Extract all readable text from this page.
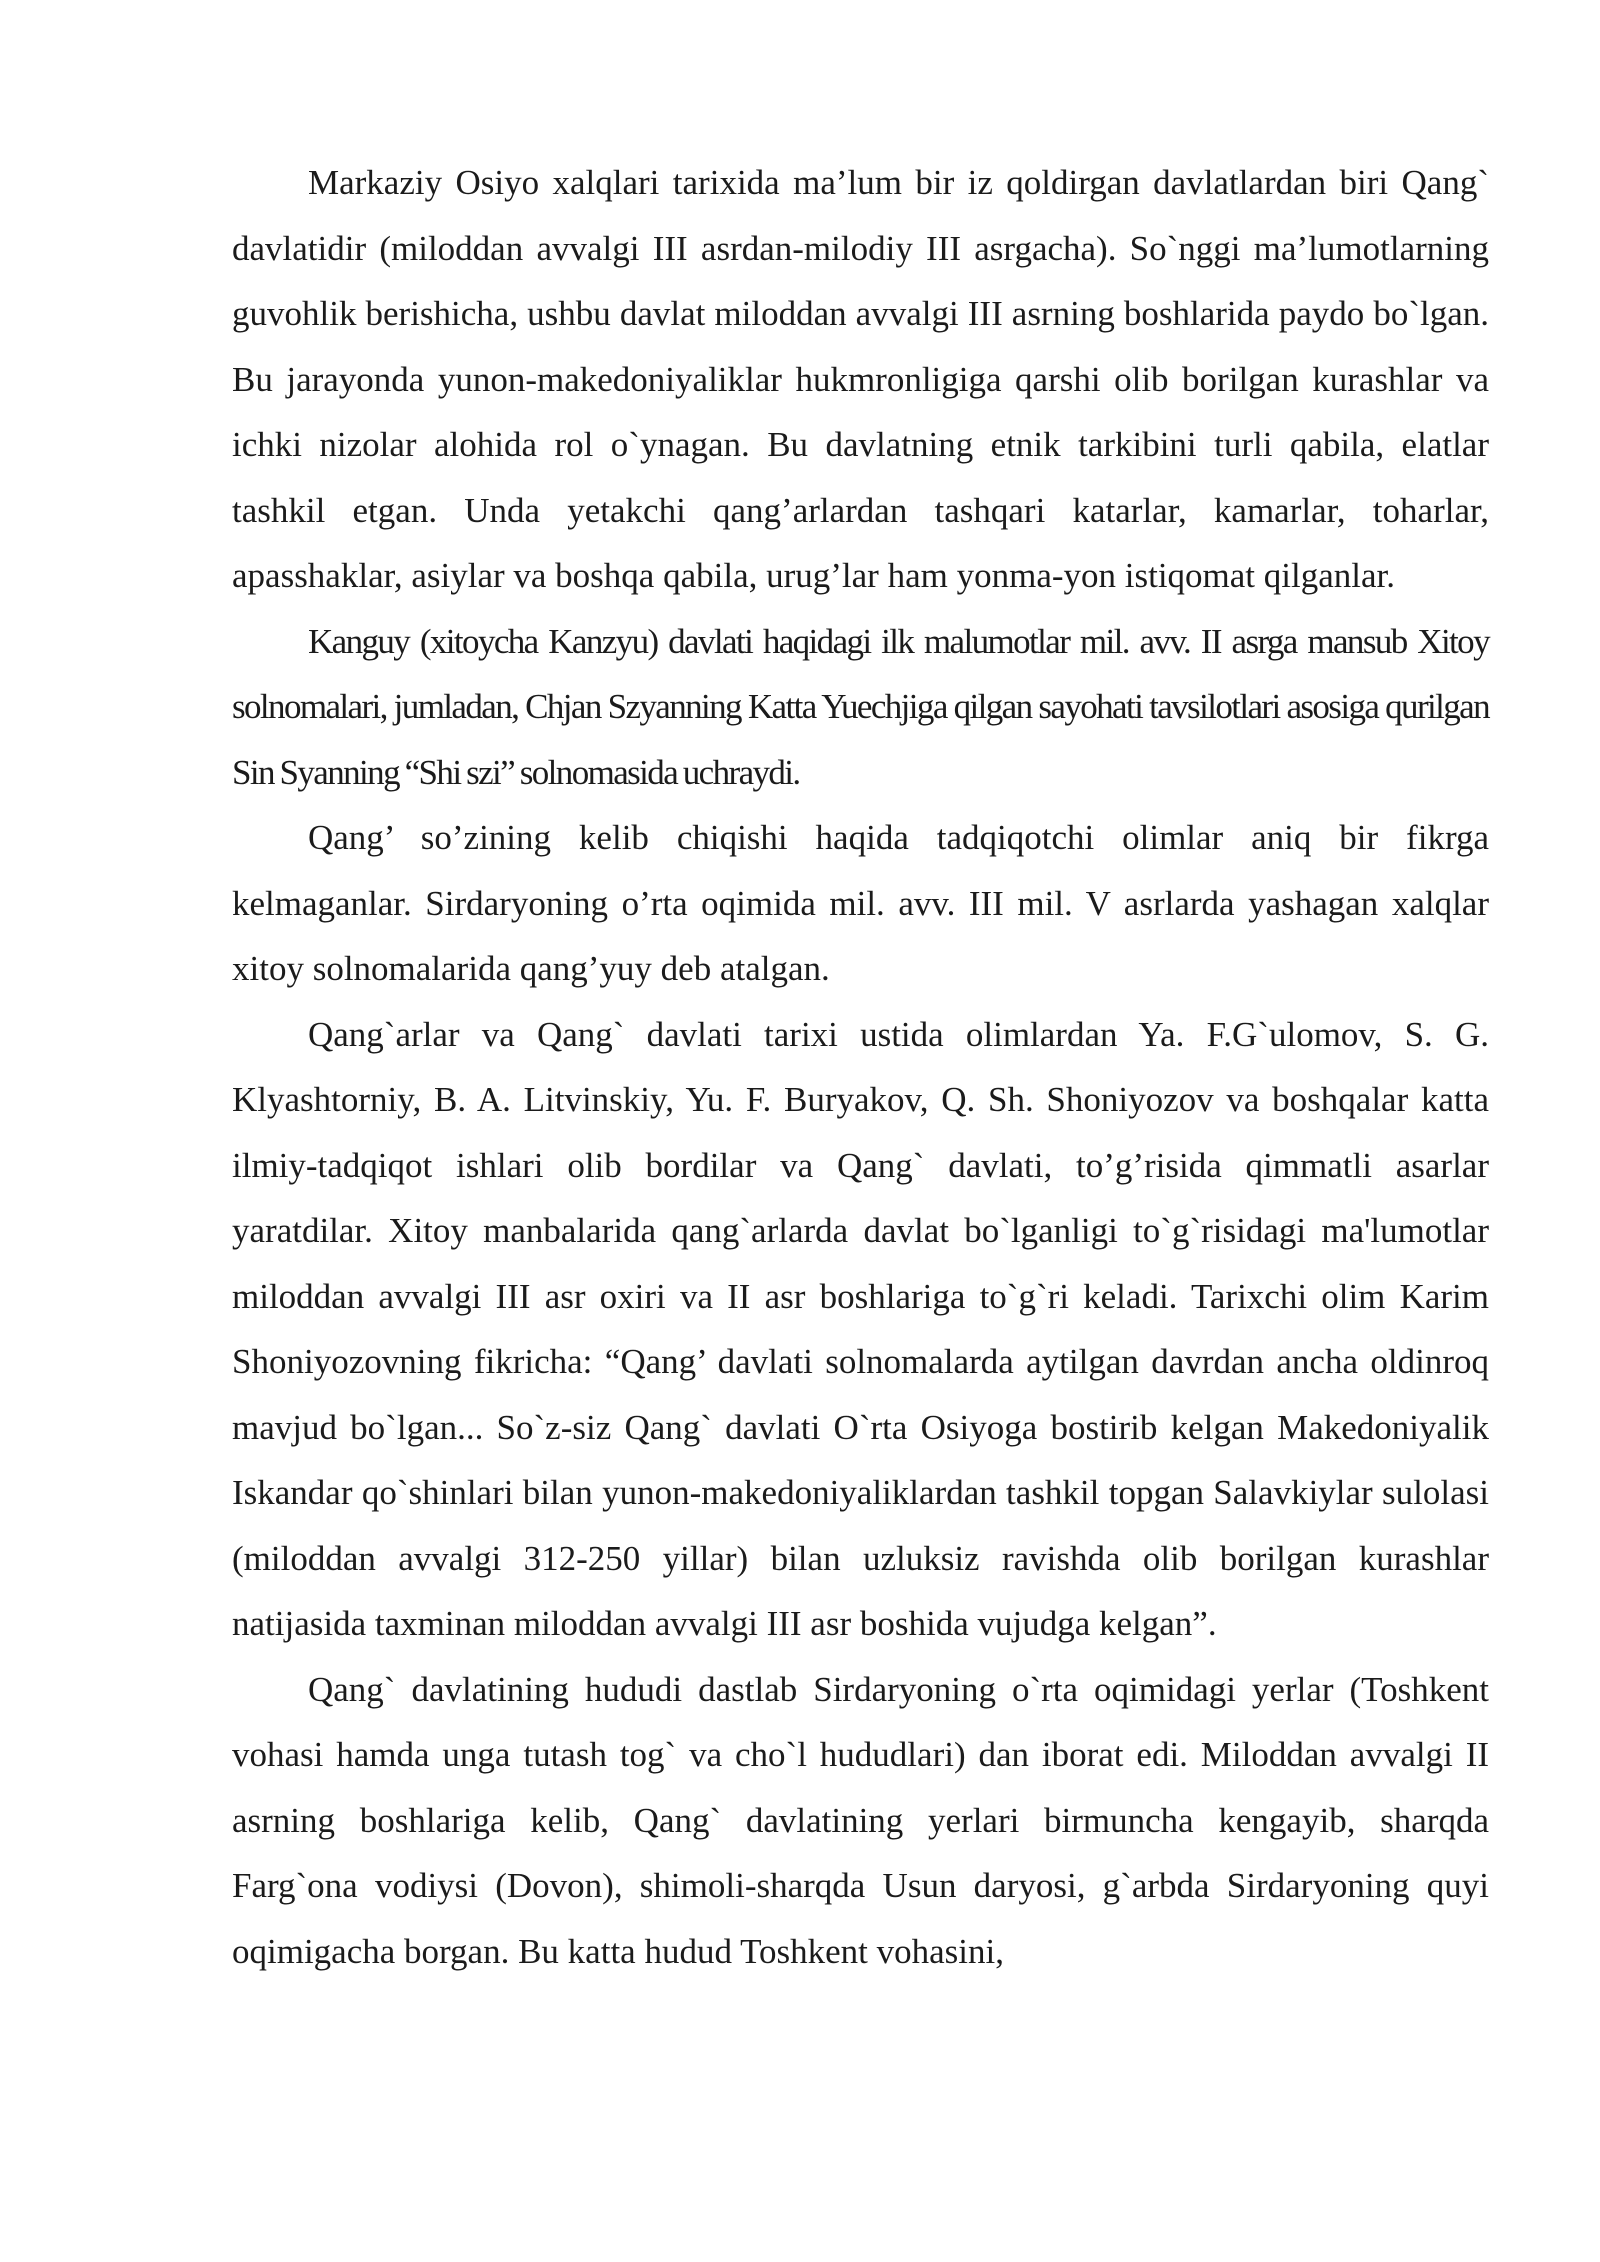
Markaziy Osiyo xalqlari tarixida ma’lum bir iz qoldirgan davlatlardan biri Qang` davlatidir (miloddan avvalgi III asrdan-milodiy III asrgacha). So`nggi ma’lumotlarning guvohlik berishicha, ushbu davlat miloddan avvalgi III asrning boshlarida paydo bo`lgan. Bu jarayonda yunon-makedoniyaliklar hukmronligiga qarshi olib borilgan kurashlar va ichki nizolar alohida rol o`ynagan. Bu davlatning etnik tarkibini turli qabila, elatlar tashkil etgan. Unda yetakchi qang’arlardan tashqari katarlar, kamarlar, toharlar, apasshaklar, asiylar va boshqa qabila, urug’lar ham yonma-yon istiqomat qilganlar.

Kanguy (xitoycha Kanzyu) davlati haqidagi ilk malumotlar mil. avv. II asrga mansub Xitoy solnomalari, jumladan, Chjan Szyanning Katta Yuechjiga qilgan sayohati tavsilotlari asosiga qurilgan Sin Syanning “Shi szi” solnomasida uchraydi.

Qang’ so’zining kelib chiqishi haqida tadqiqotchi olimlar aniq bir fikrga kelmaganlar. Sirdaryoning o’rta oqimida mil. avv. III mil. V asrlarda yashagan xalqlar xitoy solnomalarida qang’yuy deb atalgan.

Qang`arlar va Qang` davlati tarixi ustida olimlardan Ya. F.G`ulomov, S. G. Klyashtorniy, B. A. Litvinskiy, Yu. F. Buryakov, Q. Sh. Shoniyozov va boshqalar katta ilmiy-tadqiqot ishlari olib bordilar va Qang` davlati, to’g’risida qimmatli asarlar yaratdilar. Xitoy manbalarida qang`arlarda davlat bo`lganligi to`g`risidagi ma'lumotlar miloddan avvalgi III asr oxiri va II asr boshlariga to`g`ri keladi. Tarixchi olim Karim Shoniyozovning fikricha: “Qang’ davlati solnomalarda aytilgan davrdan ancha oldinroq mavjud bo`lgan... So`z-siz Qang` davlati O`rta Osiyoga bostirib kelgan Makedoniyalik Iskandar qo`shinlari bilan yunon-makedoniyaliklardan tashkil topgan Salavkiylar sulolasi (miloddan avvalgi 312-250 yillar) bilan uzluksiz ravishda olib borilgan kurashlar natijasida taxminan miloddan avvalgi III asr boshida vujudga kelgan”.

Qang` davlatining hududi dastlab Sirdaryoning o`rta oqimidagi yerlar (Toshkent vohasi hamda unga tutash tog` va cho`l hududlari) dan iborat edi. Miloddan avvalgi II asrning boshlariga kelib, Qang` davlatining yerlari birmuncha kengayib, sharqda Farg`ona vodiysi (Dovon), shimoli-sharqda Usun daryosi, g`arbda Sirdaryoning quyi oqimigacha borgan. Bu katta hudud Toshkent vohasini,
